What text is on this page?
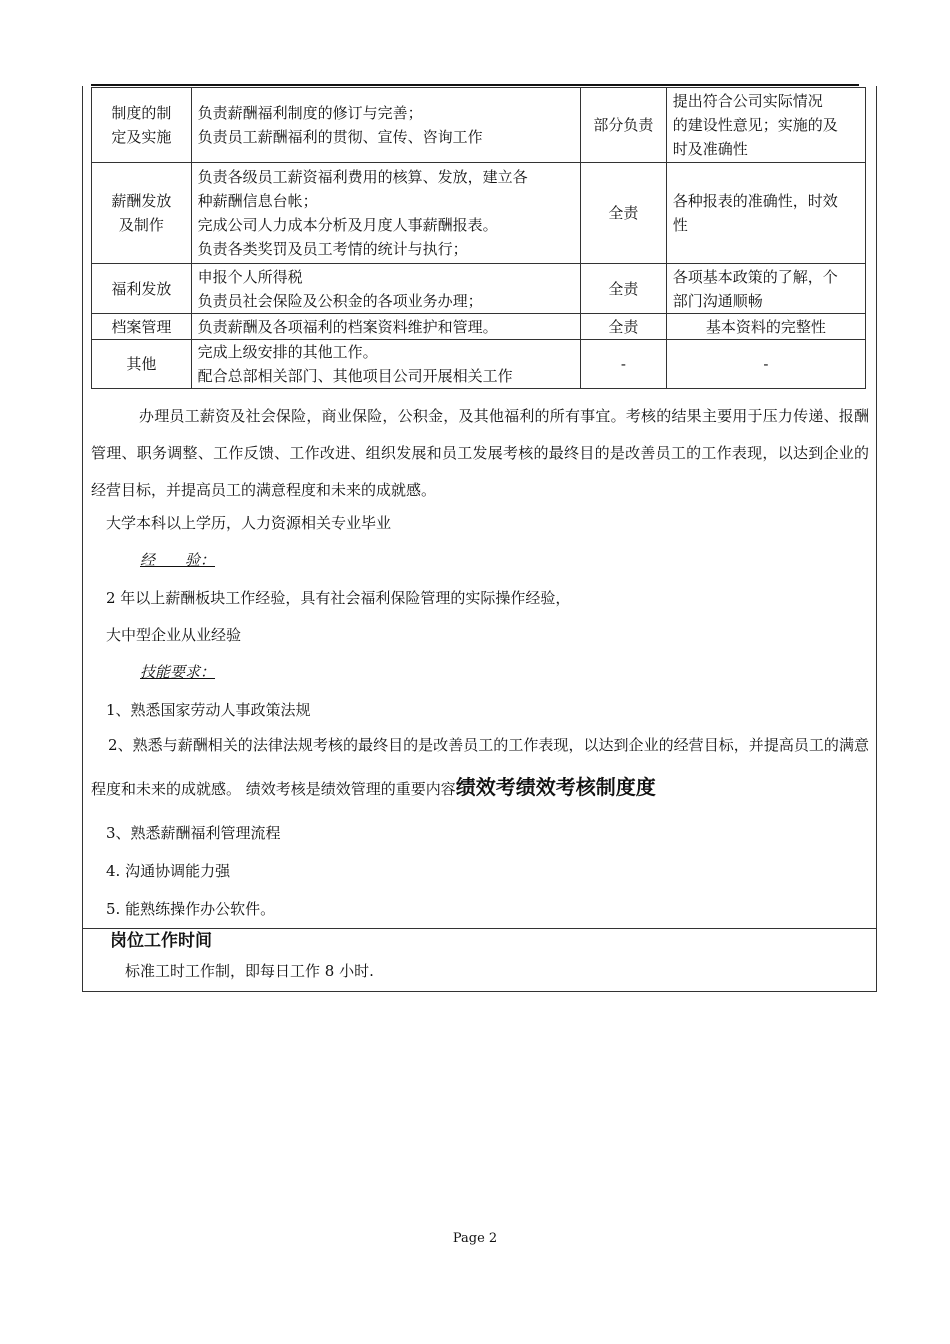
制度的制
定及实施	负责薪酬福利制度的修订与完善；
负责员工薪酬福利的贯彻、宣传、咨询工作	部分负责	提出符合公司实际情况
的建设性意见；实施的及
时及准确性

薪酬发放
及制作	负责各级员工薪资福利费用的核算、发放，建立各
种薪酬信息台帐；
完成公司人力成本分析及月度人事薪酬报表。
负责各类奖罚及员工考情的统计与执行；	全责	各种报表的准确性，时效
性

福利发放	申报个人所得税
负责员社会保险及公积金的各项业务办理；	全责	各项基本政策的了解，个
部门沟通顺畅

档案管理	负责薪酬及各项福利的档案资料维护和管理。	全责	基本资料的完整性

其他	完成上级安排的其他工作。
配合总部相关部门、其他项目公司开展相关工作	-	-
办理员工薪资及社会保险，商业保险，公积金，及其他福利的所有事宜。考核的结果主要用于压力传递、报酬管理、职务调整、工作反馈、工作改进、组织发展和员工发展考核的最终目的是改善员工的工作表现，以达到企业的经营目标，并提高员工的满意程度和未来的成就感。
大学本科以上学历，人力资源相关专业毕业
经　　验：
2 年以上薪酬板块工作经验，具有社会福利保险管理的实际操作经验，
大中型企业从业经验
技能要求：
1、熟悉国家劳动人事政策法规
2、熟悉与薪酬相关的法律法规考核的最终目的是改善员工的工作表现，以达到企业的经营目标，并提高员工的满意程度和未来的成就感。 绩效考核是绩效管理的重要内容绩效考绩效考核制度度
3、熟悉薪酬福利管理流程
4. 沟通协调能力强
5. 能熟练操作办公软件。
岗位工作时间
标准工时工作制，即每日工作 8 小时.
Page 2
